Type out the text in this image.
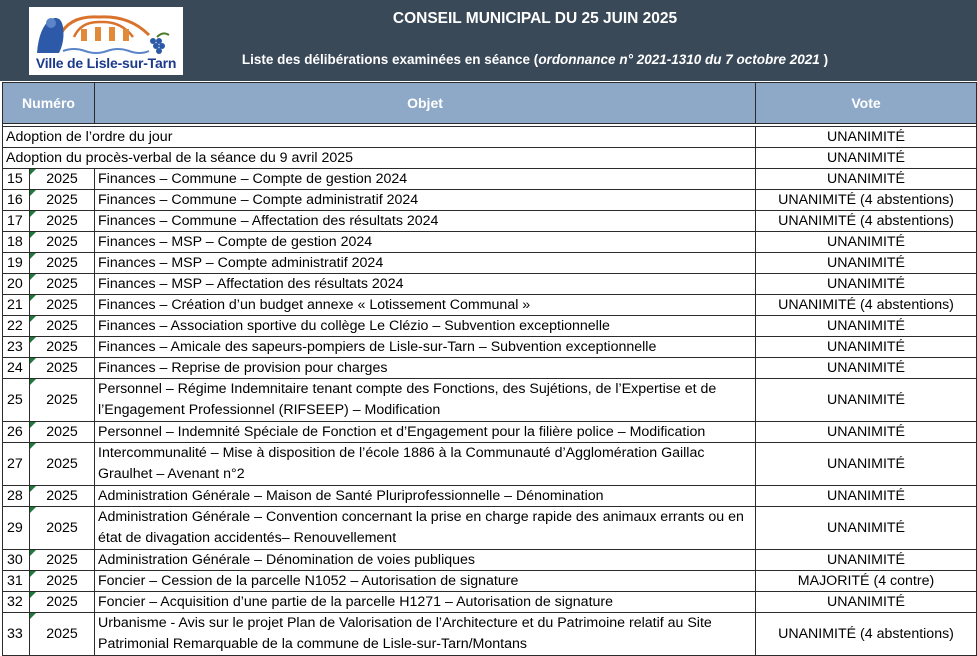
Ville de Lisle-sur-Tarn
CONSEIL MUNICIPAL DU 25 JUIN 2025
Liste des délibérations examinées en séance (ordonnance n° 2021-1310 du 7 octobre 2021 )
Numéro		Objet	Vote

Adoption de l’ordre du jour			UNANIMITÉ
Adoption du procès-verbal de la séance du 9 avril 2025			UNANIMITÉ
15	2025	Finances – Commune – Compte de gestion 2024	UNANIMITÉ
16	2025	Finances – Commune – Compte administratif 2024	UNANIMITÉ (4 abstentions)
17	2025	Finances – Commune – Affectation des résultats 2024	UNANIMITÉ (4 abstentions)
18	2025	Finances – MSP – Compte de gestion 2024	UNANIMITÉ
19	2025	Finances – MSP – Compte administratif 2024	UNANIMITÉ
20	2025	Finances – MSP – Affectation des résultats 2024	UNANIMITÉ
21	2025	Finances – Création d’un budget annexe « Lotissement Communal »	UNANIMITÉ (4 abstentions)
22	2025	Finances – Association sportive du collège Le Clézio – Subvention exceptionnelle	UNANIMITÉ
23	2025	Finances – Amicale des sapeurs-pompiers de Lisle-sur-Tarn – Subvention exceptionnelle	UNANIMITÉ
24	2025	Finances – Reprise de provision pour charges	UNANIMITÉ
25	2025	Personnel – Régime Indemnitaire tenant compte des Fonctions, des Sujétions, de l’Expertise et de l’Engagement Professionnel (RIFSEEP) – Modification	UNANIMITÉ
26	2025	Personnel – Indemnité Spéciale de Fonction et d’Engagement pour la filière police – Modification	UNANIMITÉ
27	2025	Intercommunalité – Mise à disposition de l’école 1886 à la Communauté d’Agglomération Gaillac Graulhet – Avenant n°2	UNANIMITÉ
28	2025	Administration Générale – Maison de Santé Pluriprofessionnelle – Dénomination	UNANIMITÉ
29	2025	Administration Générale – Convention concernant la prise en charge rapide des animaux errants ou en état de divagation accidentés– Renouvellement	UNANIMITÉ
30	2025	Administration Générale – Dénomination de voies publiques	UNANIMITÉ
31	2025	Foncier – Cession de la parcelle N1052 – Autorisation de signature	MAJORITÉ (4 contre)
32	2025	Foncier – Acquisition d’une partie de la parcelle H1271 – Autorisation de signature	UNANIMITÉ
33	2025	Urbanisme - Avis sur le projet Plan de Valorisation de l’Architecture et du Patrimoine relatif au Site Patrimonial Remarquable de la commune de Lisle-sur-Tarn/Montans	UNANIMITÉ (4 abstentions)
